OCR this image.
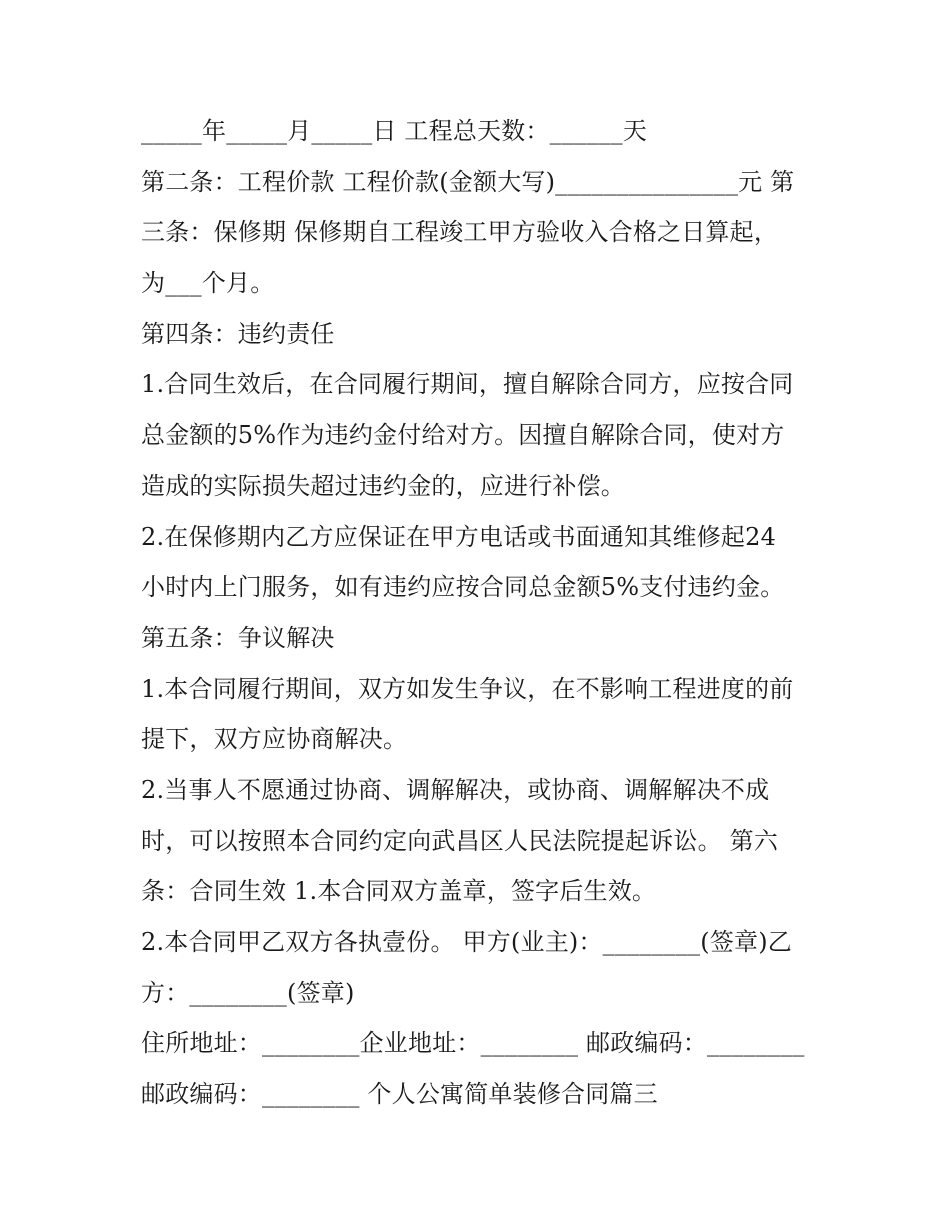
_____年_____月_____日 工程总天数：______天
第二条：工程价款 工程价款(金额大写)_______________元 第
三条：保修期 保修期自工程竣工甲方验收入合格之日算起，
为___个月。
第四条：违约责任
1.合同生效后，在合同履行期间，擅自解除合同方，应按合同
总金额的5%作为违约金付给对方。因擅自解除合同，使对方
造成的实际损失超过违约金的，应进行补偿。
2.在保修期内乙方应保证在甲方电话或书面通知其维修起24
小时内上门服务，如有违约应按合同总金额5%支付违约金。
第五条：争议解决
1.本合同履行期间，双方如发生争议，在不影响工程进度的前
提下，双方应协商解决。
2.当事人不愿通过协商、调解解决，或协商、调解解决不成
时，可以按照本合同约定向武昌区人民法院提起诉讼。 第六
条：合同生效 1.本合同双方盖章，签字后生效。
2.本合同甲乙双方各执壹份。 甲方(业主)：________(签章)乙
方：________(签章)
住所地址：________企业地址：________ 邮政编码：________
邮政编码：________ 个人公寓简单装修合同篇三
